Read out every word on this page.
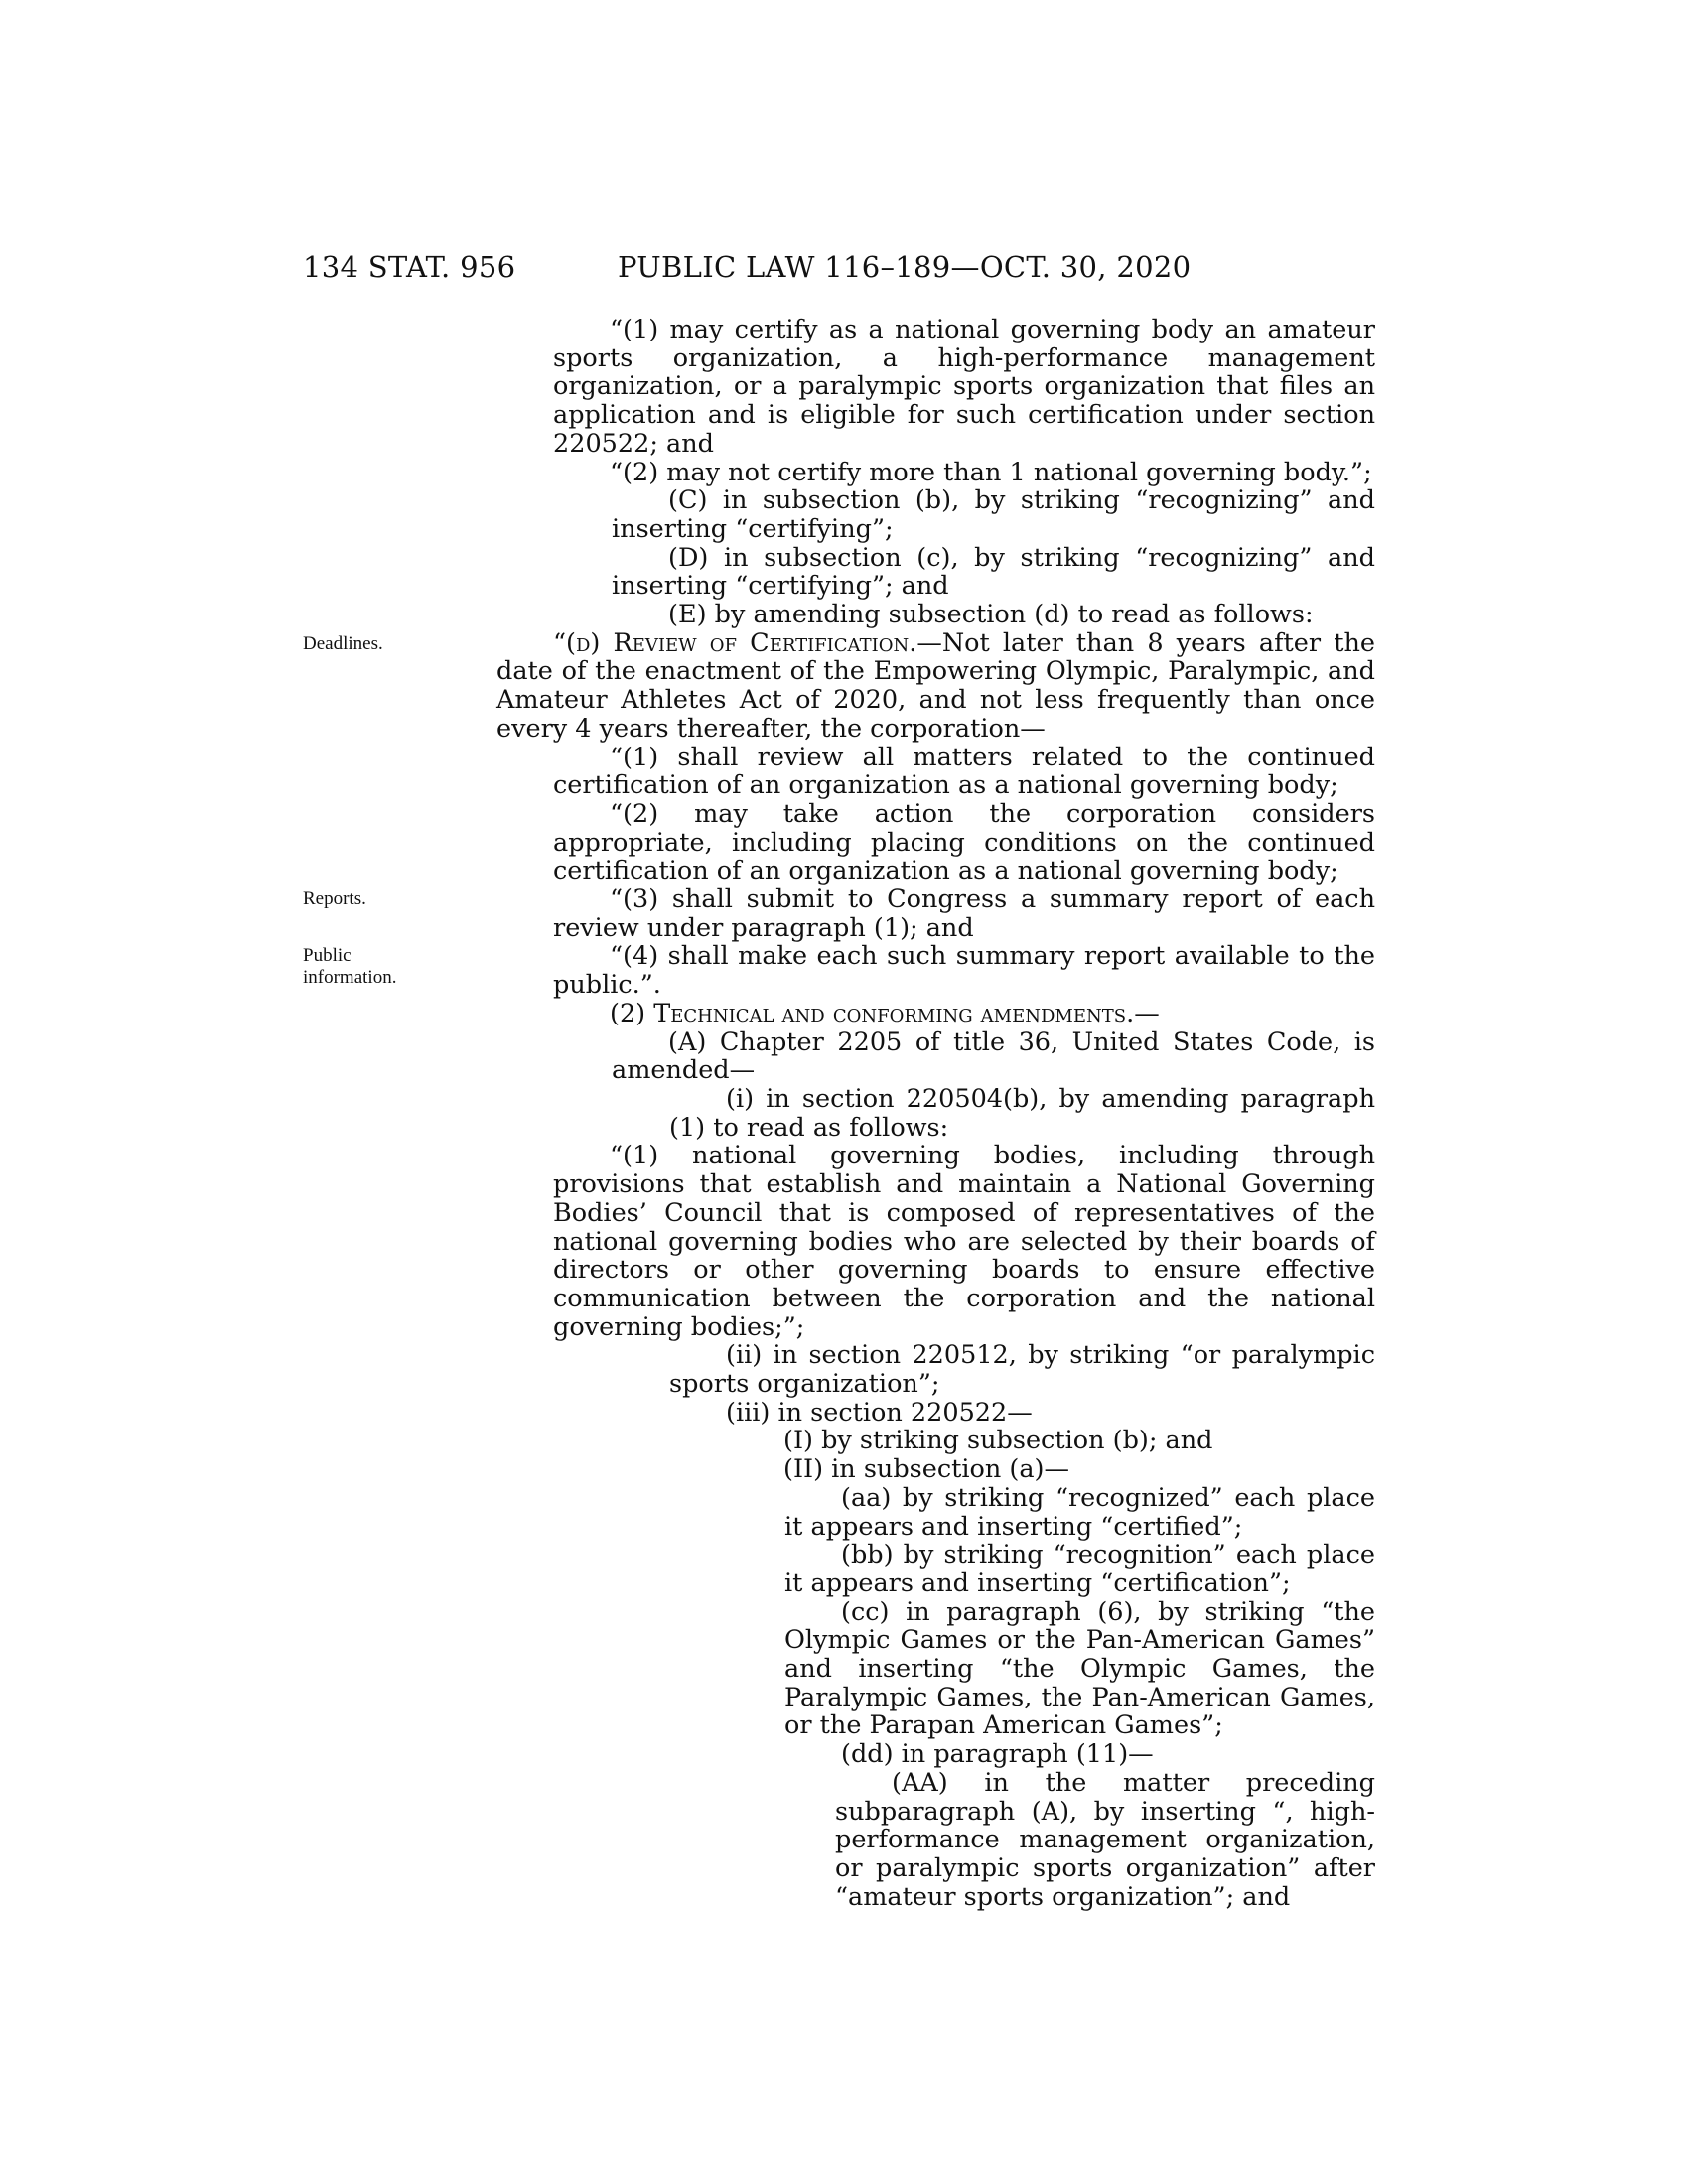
134 STAT. 956	PUBLIC LAW 116–189—OCT. 30, 2020
Deadlines.
Reports.
Public information.

“(1) may certify as a national governing body an amateur sports organization, a high-performance management organization, or a paralympic sports organization that files an application and is eligible for such certification under section 220522; and

“(2) may not certify more than 1 national governing body.”;

(C) in subsection (b), by striking “recognizing” and inserting “certifying”;

(D) in subsection (c), by striking “recognizing” and inserting “certifying”; and

(E) by amending subsection (d) to read as follows:

“(d) Review of Certification.—Not later than 8 years after the date of the enactment of the Empowering Olympic, Paralympic, and Amateur Athletes Act of 2020, and not less frequently than once every 4 years thereafter, the corporation—

“(1) shall review all matters related to the continued certification of an organization as a national governing body;

“(2) may take action the corporation considers appropriate, including placing conditions on the continued certification of an organization as a national governing body;

“(3) shall submit to Congress a summary report of each review under paragraph (1); and

“(4) shall make each such summary report available to the public.”.

(2) Technical and conforming amendments.—

(A) Chapter 2205 of title 36, United States Code, is amended—

(i) in section 220504(b), by amending paragraph (1) to read as follows:

“(1) national governing bodies, including through provisions that establish and maintain a National Governing Bodies’ Council that is composed of representatives of the national governing bodies who are selected by their boards of directors or other governing boards to ensure effective communication between the corporation and the national governing bodies;”;

(ii) in section 220512, by striking “or paralympic sports organization”;

(iii) in section 220522—

(I) by striking subsection (b); and

(II) in subsection (a)—

(aa) by striking “recognized” each place it appears and inserting “certified”;

(bb) by striking “recognition” each place it appears and inserting “certification”;

(cc) in paragraph (6), by striking “the Olympic Games or the Pan-American Games” and inserting “the Olympic Games, the Paralympic Games, the Pan-American Games, or the Parapan American Games”;

(dd) in paragraph (11)—

(AA) in the matter preceding subparagraph (A), by inserting “, high-performance management organization, or paralympic sports organization” after “amateur sports organization”; and
